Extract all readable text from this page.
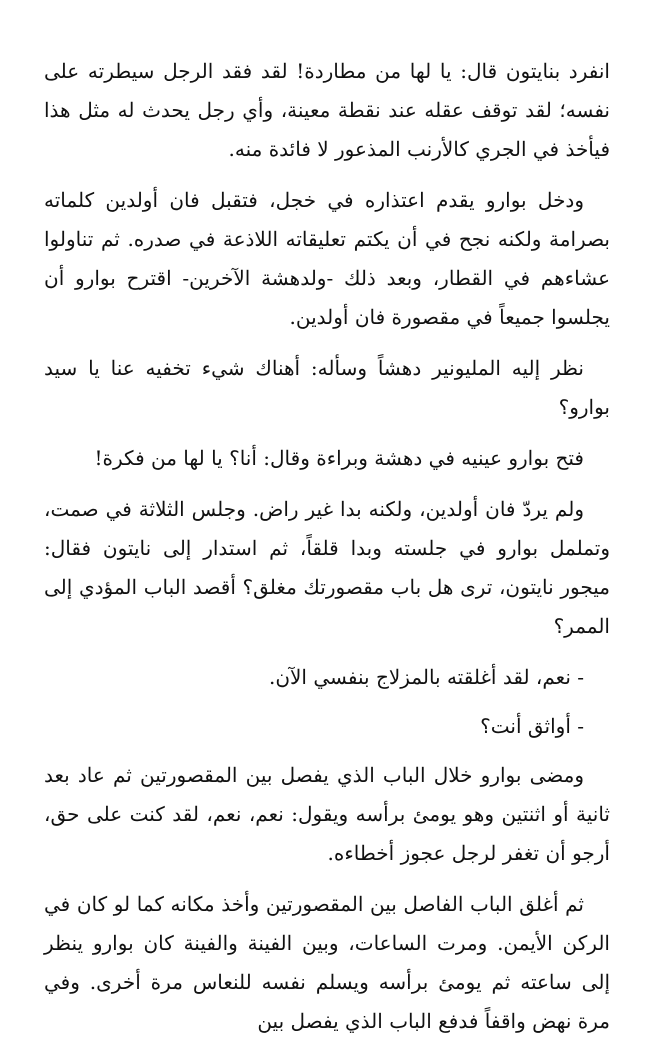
انفرد بنايتون قال: يا لها من مطاردة! لقد فقد الرجل سيطرته على نفسه؛ لقد توقف عقله عند نقطة معينة، وأي رجل يحدث له مثل هذا فيأخذ في الجري كالأرنب المذعور لا فائدة منه.

ودخل بوارو يقدم اعتذاره في خجل، فتقبل فان أولدين كلماته بصرامة ولكنه نجح في أن يكتم تعليقاته اللاذعة في صدره. ثم تناولوا عشاءهم في القطار، وبعد ذلك -ولدهشة الآخرين- اقترح بوارو أن يجلسوا جميعاً في مقصورة فان أولدين.

نظر إليه المليونير دهشاً وسأله: أهناك شيء تخفيه عنا يا سيد بوارو؟

فتح بوارو عينيه في دهشة وبراءة وقال: أنا؟ يا لها من فكرة!

ولم يردّ فان أولدين، ولكنه بدا غير راض. وجلس الثلاثة في صمت، وتململ بوارو في جلسته وبدا قلقاً، ثم استدار إلى نايتون فقال: ميجور نايتون، ترى هل باب مقصورتك مغلق؟ أقصد الباب المؤدي إلى الممر؟

- نعم، لقد أغلقته بالمزلاج بنفسي الآن.

- أواثق أنت؟

ومضى بوارو خلال الباب الذي يفصل بين المقصورتين ثم عاد بعد ثانية أو اثنتين وهو يومئ برأسه ويقول: نعم، نعم، لقد كنت على حق، أرجو أن تغفر لرجل عجوز أخطاءه.

ثم أغلق الباب الفاصل بين المقصورتين وأخذ مكانه كما لو كان في الركن الأيمن. ومرت الساعات، وبين الفينة والفينة كان بوارو ينظر إلى ساعته ثم يومئ برأسه ويسلم نفسه للنعاس مرة أخرى. وفي مرة نهض واقفاً فدفع الباب الذي يفصل بين
